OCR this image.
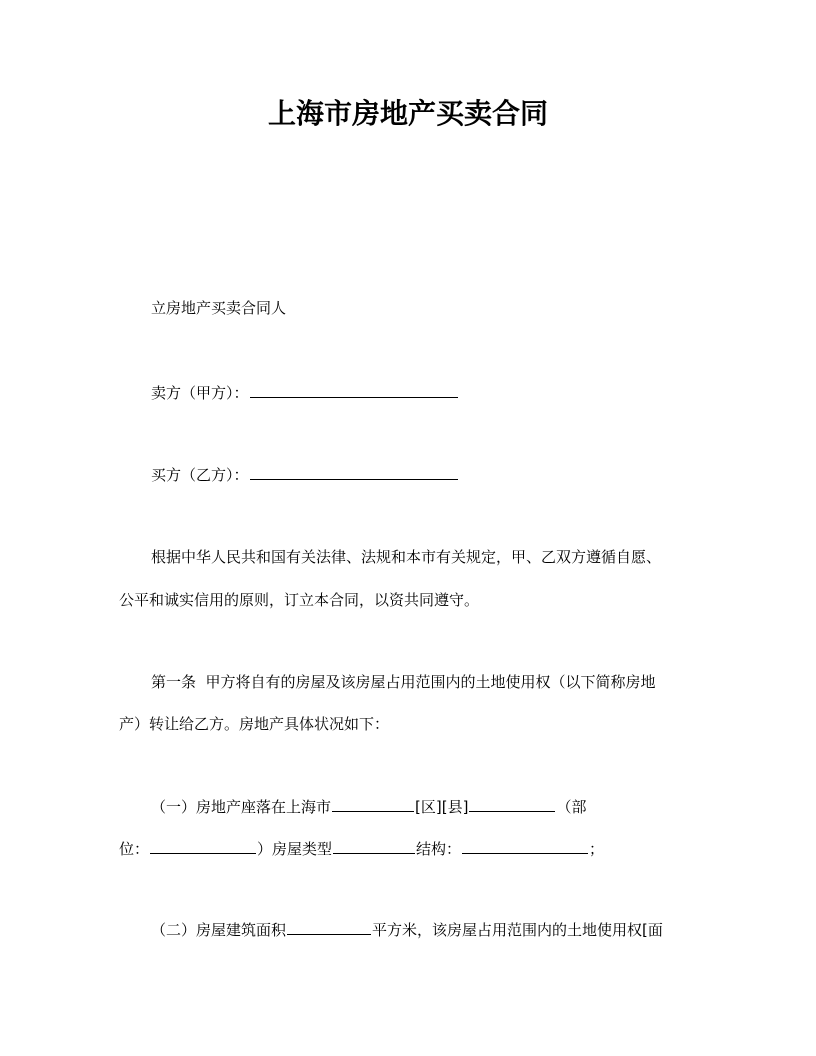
上海市房地产买卖合同
立房地产买卖合同人
卖方（甲方）：
买方（乙方）：
根据中华人民共和国有关法律、法规和本市有关规定，甲、乙双方遵循自愿、
公平和诚实信用的原则，订立本合同，以资共同遵守。
第一条  甲方将自有的房屋及该房屋占用范围内的土地使用权（以下简称房地
产）转让给乙方。房地产具体状况如下：
（一）房地产座落在上海市	[区][县]	（部
位：	）房屋类型	结构：	；
（二）房屋建筑面积	平方米，该房屋占用范围内的土地使用权[面
